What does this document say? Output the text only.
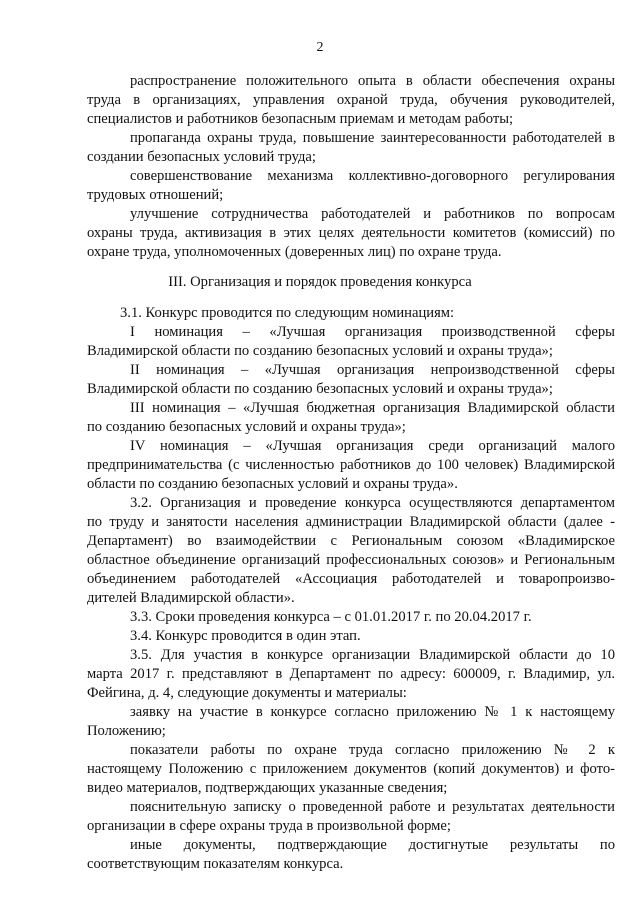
2
распространение положительного опыта в области обеспечения охраны
труда в организациях, управления охраной труда, обучения руководителей,
специалистов и работников безопасным приемам и методам работы;
пропаганда охраны труда, повышение заинтересованности работодателей в
создании безопасных условий труда;
совершенствование механизма коллективно-договорного регулирования
трудовых отношений;
улучшение сотрудничества работодателей и работников по вопросам
охраны труда, активизация в этих целях деятельности комитетов (комиссий) по
охране труда, уполномоченных (доверенных лиц) по охране труда.
III. Организация и порядок проведения конкурса
3.1. Конкурс проводится по следующим номинациям:
I номинация – «Лучшая организация производственной сферы
Владимирской области по созданию безопасных условий и охраны труда»;
II номинация – «Лучшая организация непроизводственной сферы
Владимирской области по созданию безопасных условий и охраны труда»;
III номинация – «Лучшая бюджетная организация Владимирской области
по созданию безопасных условий и охраны труда»;
IV номинация – «Лучшая организация среди организаций малого
предпринимательства (с численностью работников до 100 человек) Владимирской
области по созданию безопасных условий и охраны труда».
3.2. Организация и проведение конкурса осуществляются департаментом
по труду и занятости населения администрации Владимирской области (далее -
Департамент) во взаимодействии с Региональным союзом «Владимирское
областное объединение организаций профессиональных союзов» и Региональным
объединением работодателей «Ассоциация работодателей и товаропроизво-
дителей Владимирской области».
3.3. Сроки проведения конкурса – с 01.01.2017 г. по 20.04.2017 г.
3.4. Конкурс проводится в один этап.
3.5. Для участия в конкурсе организации Владимирской области до 10
марта 2017 г. представляют в Департамент по адресу: 600009, г. Владимир, ул.
Фейгина, д. 4, следующие документы и материалы:
заявку на участие в конкурсе согласно приложению № 1 к настоящему
Положению;
показатели работы по охране труда согласно приложению № 2 к
настоящему Положению с приложением документов (копий документов) и фото-
видео материалов, подтверждающих указанные сведения;
пояснительную записку о проведенной работе и результатах деятельности
организации в сфере охраны труда в произвольной форме;
иные документы, подтверждающие достигнутые результаты по
соответствующим показателям конкурса.
